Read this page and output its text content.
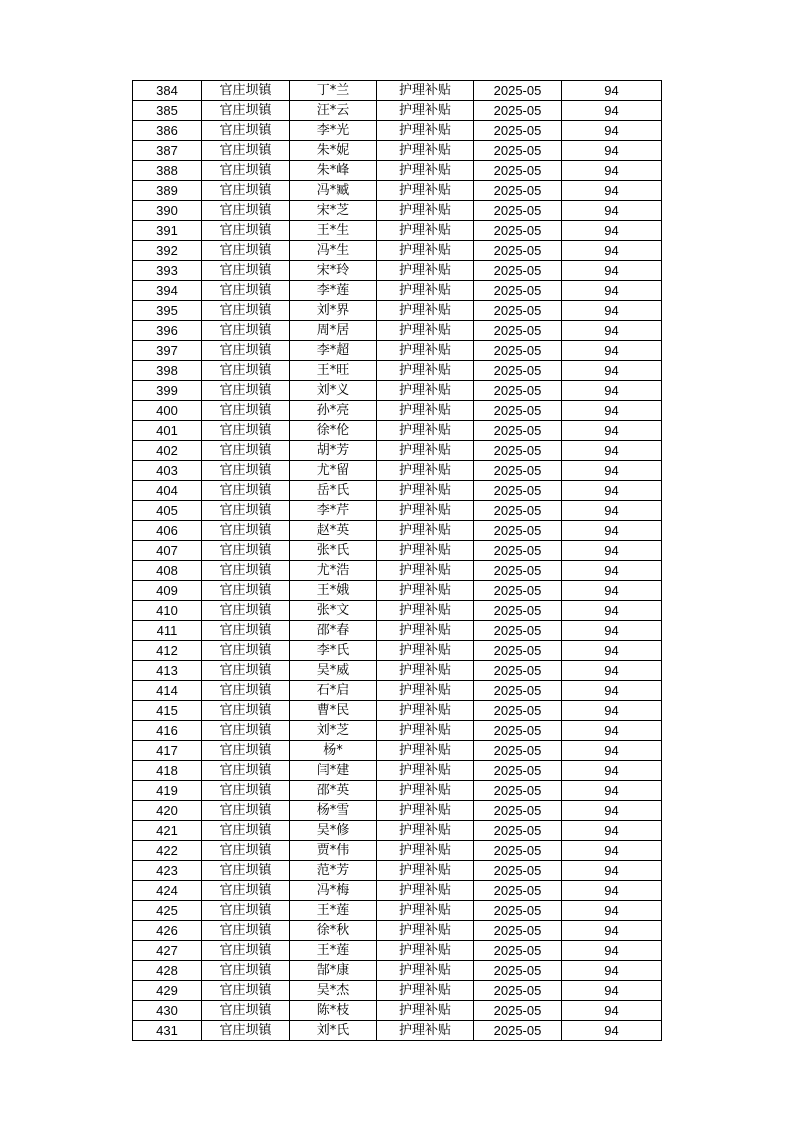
384	官庄坝镇	丁*兰	护理补贴	2025-05	94
385	官庄坝镇	汪*云	护理补贴	2025-05	94
386	官庄坝镇	李*光	护理补贴	2025-05	94
387	官庄坝镇	朱*妮	护理补贴	2025-05	94
388	官庄坝镇	朱*峰	护理补贴	2025-05	94
389	官庄坝镇	冯*臧	护理补贴	2025-05	94
390	官庄坝镇	宋*芝	护理补贴	2025-05	94
391	官庄坝镇	王*生	护理补贴	2025-05	94
392	官庄坝镇	冯*生	护理补贴	2025-05	94
393	官庄坝镇	宋*玲	护理补贴	2025-05	94
394	官庄坝镇	李*莲	护理补贴	2025-05	94
395	官庄坝镇	刘*界	护理补贴	2025-05	94
396	官庄坝镇	周*居	护理补贴	2025-05	94
397	官庄坝镇	李*超	护理补贴	2025-05	94
398	官庄坝镇	王*旺	护理补贴	2025-05	94
399	官庄坝镇	刘*义	护理补贴	2025-05	94
400	官庄坝镇	孙*亮	护理补贴	2025-05	94
401	官庄坝镇	徐*伦	护理补贴	2025-05	94
402	官庄坝镇	胡*芳	护理补贴	2025-05	94
403	官庄坝镇	尤*留	护理补贴	2025-05	94
404	官庄坝镇	岳*氏	护理补贴	2025-05	94
405	官庄坝镇	李*芹	护理补贴	2025-05	94
406	官庄坝镇	赵*英	护理补贴	2025-05	94
407	官庄坝镇	张*氏	护理补贴	2025-05	94
408	官庄坝镇	尤*浩	护理补贴	2025-05	94
409	官庄坝镇	王*娥	护理补贴	2025-05	94
410	官庄坝镇	张*文	护理补贴	2025-05	94
411	官庄坝镇	邵*春	护理补贴	2025-05	94
412	官庄坝镇	李*氏	护理补贴	2025-05	94
413	官庄坝镇	吴*威	护理补贴	2025-05	94
414	官庄坝镇	石*启	护理补贴	2025-05	94
415	官庄坝镇	曹*民	护理补贴	2025-05	94
416	官庄坝镇	刘*芝	护理补贴	2025-05	94
417	官庄坝镇	杨*	护理补贴	2025-05	94
418	官庄坝镇	闫*建	护理补贴	2025-05	94
419	官庄坝镇	邵*英	护理补贴	2025-05	94
420	官庄坝镇	杨*雪	护理补贴	2025-05	94
421	官庄坝镇	吴*修	护理补贴	2025-05	94
422	官庄坝镇	贾*伟	护理补贴	2025-05	94
423	官庄坝镇	范*芳	护理补贴	2025-05	94
424	官庄坝镇	冯*梅	护理补贴	2025-05	94
425	官庄坝镇	王*莲	护理补贴	2025-05	94
426	官庄坝镇	徐*秋	护理补贴	2025-05	94
427	官庄坝镇	王*莲	护理补贴	2025-05	94
428	官庄坝镇	郜*康	护理补贴	2025-05	94
429	官庄坝镇	吴*杰	护理补贴	2025-05	94
430	官庄坝镇	陈*枝	护理补贴	2025-05	94
431	官庄坝镇	刘*氏	护理补贴	2025-05	94
